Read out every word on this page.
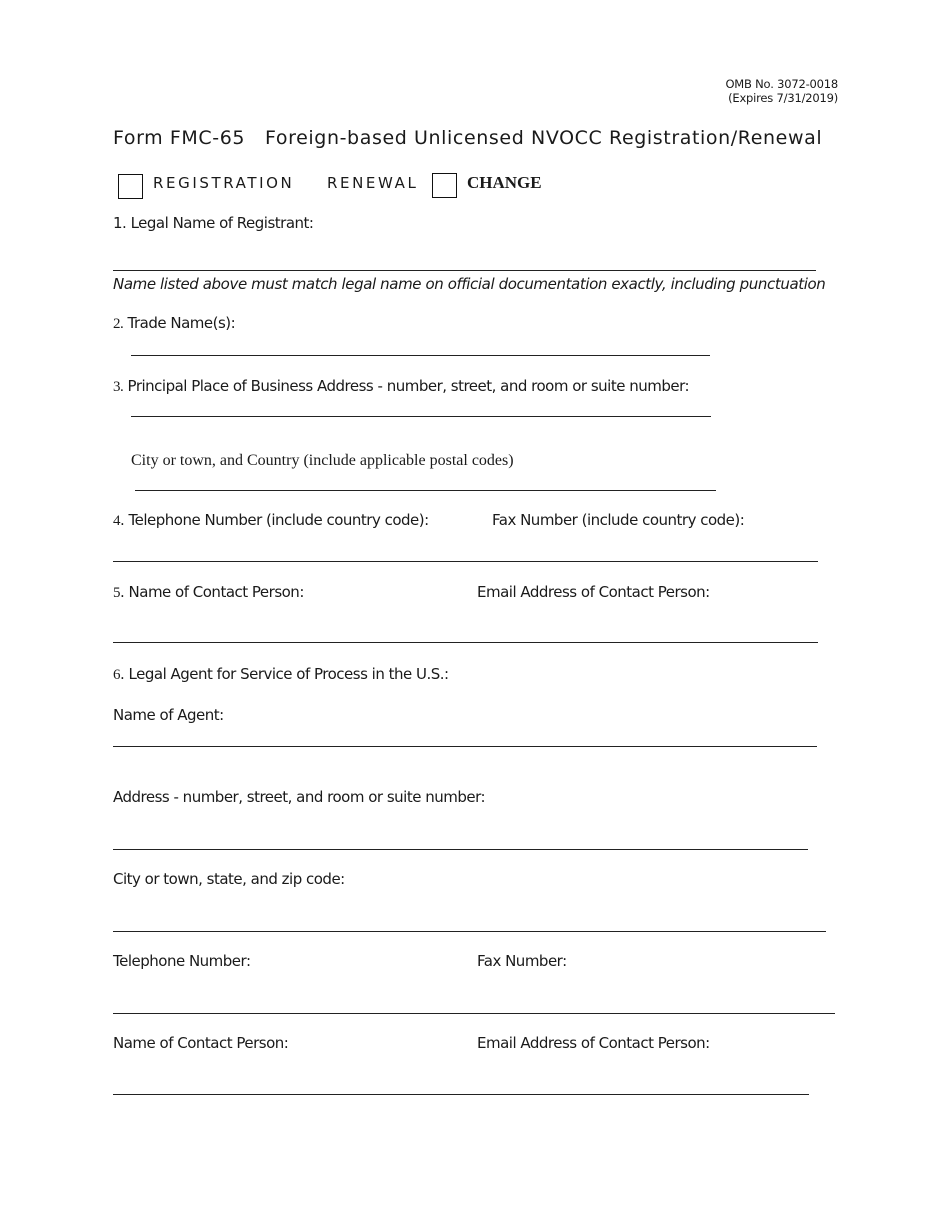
OMB No. 3072-0018
(Expires 7/31/2019)
Form FMC-65   Foreign-based Unlicensed NVOCC Registration/Renewal
REGISTRATION RENEWAL	CHANGE
1. Legal Name of Registrant:
Name listed above must match legal name on official documentation exactly, including punctuation
2. Trade Name(s):
3. Principal Place of Business Address - number, street, and room or suite number:
City or town, and Country (include applicable postal codes)
4. Telephone Number (include country code):	Fax Number (include country code):
5. Name of Contact Person:	Email Address of Contact Person:
6. Legal Agent for Service of Process in the U.S.:
Name of Agent:
Address - number, street, and room or suite number:
City or town, state, and zip code:
Telephone Number:	Fax Number:
Name of Contact Person:	Email Address of Contact Person:
